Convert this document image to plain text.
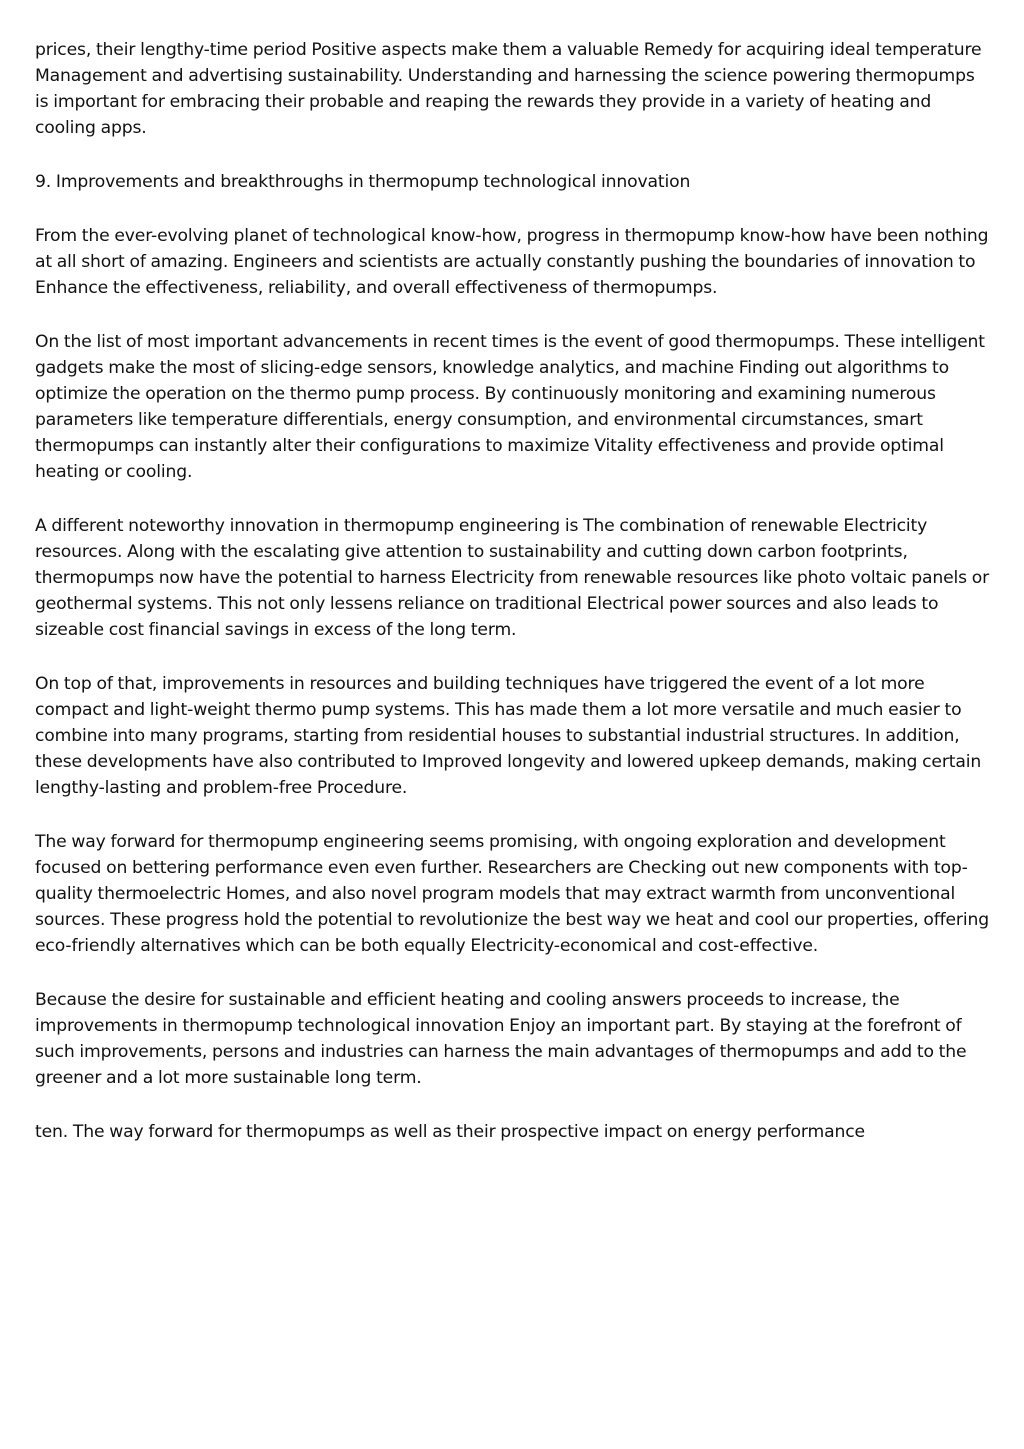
prices, their lengthy-time period Positive aspects make them a valuable Remedy for acquiring ideal temperature Management and advertising sustainability. Understanding and harnessing the science powering thermopumps is important for embracing their probable and reaping the rewards they provide in a variety of heating and cooling apps.

9. Improvements and breakthroughs in thermopump technological innovation

From the ever-evolving planet of technological know-how, progress in thermopump know-how have been nothing at all short of amazing. Engineers and scientists are actually constantly pushing the boundaries of innovation to Enhance the effectiveness, reliability, and overall effectiveness of thermopumps.

On the list of most important advancements in recent times is the event of good thermopumps. These intelligent gadgets make the most of slicing-edge sensors, knowledge analytics, and machine Finding out algorithms to optimize the operation on the thermo pump process. By continuously monitoring and examining numerous parameters like temperature differentials, energy consumption, and environmental circumstances, smart thermopumps can instantly alter their configurations to maximize Vitality effectiveness and provide optimal heating or cooling.

A different noteworthy innovation in thermopump engineering is The combination of renewable Electricity resources. Along with the escalating give attention to sustainability and cutting down carbon footprints, thermopumps now have the potential to harness Electricity from renewable resources like photo voltaic panels or geothermal systems. This not only lessens reliance on traditional Electrical power sources and also leads to sizeable cost financial savings in excess of the long term.

On top of that, improvements in resources and building techniques have triggered the event of a lot more compact and light-weight thermo pump systems. This has made them a lot more versatile and much easier to combine into many programs, starting from residential houses to substantial industrial structures. In addition, these developments have also contributed to Improved longevity and lowered upkeep demands, making certain lengthy-lasting and problem-free Procedure.

The way forward for thermopump engineering seems promising, with ongoing exploration and development focused on bettering performance even even further. Researchers are Checking out new components with top-quality thermoelectric Homes, and also novel program models that may extract warmth from unconventional sources. These progress hold the potential to revolutionize the best way we heat and cool our properties, offering eco-friendly alternatives which can be both equally Electricity-economical and cost-effective.

Because the desire for sustainable and efficient heating and cooling answers proceeds to increase, the improvements in thermopump technological innovation Enjoy an important part. By staying at the forefront of such improvements, persons and industries can harness the main advantages of thermopumps and add to the greener and a lot more sustainable long term.

ten. The way forward for thermopumps as well as their prospective impact on energy performance
